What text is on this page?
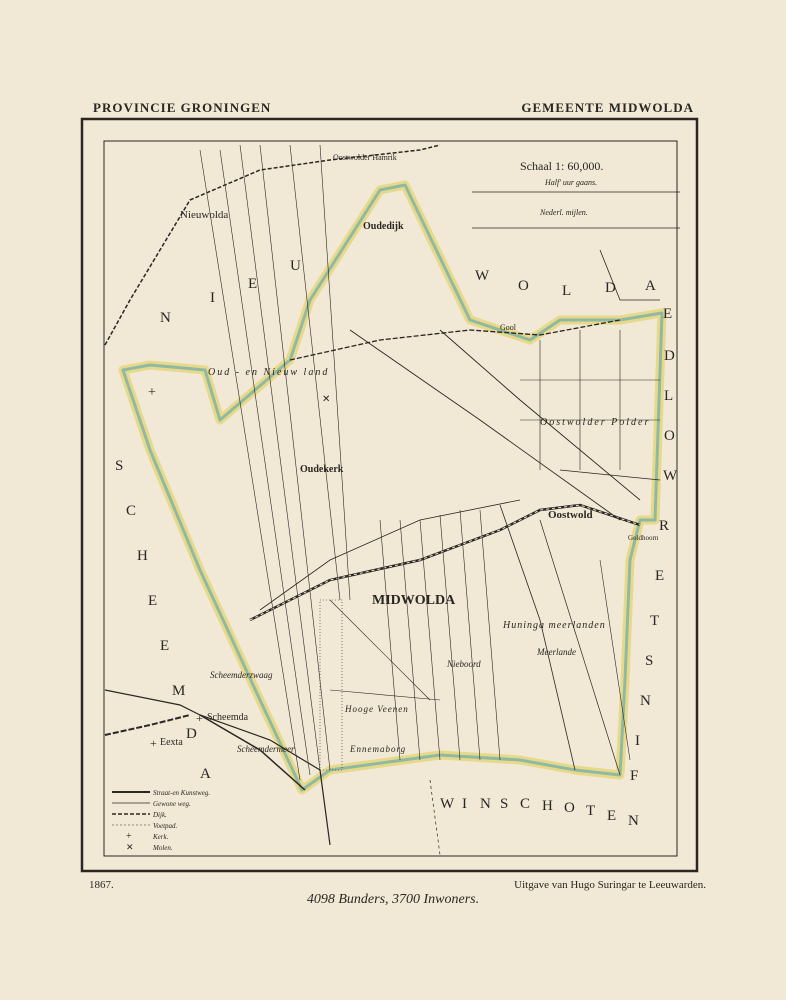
PROVINCIE GRONINGEN	GEMEENTE MIDWOLDA
Schaal 1: 60,000.
Half' uur gaans.
Nederl. mijlen.
+
✕
Straat-en Kunstweg.
Gewone weg.
Dijk.
Voetpad.
Kerk.
Molen.
MIDWOLDA
Oostwold
Nieuwolda
Oudedijk
Oudekerk
Oostwolder Hamrik
Scheemda
Eexta
Scheemderzwaag
Scheemdermeer
Oud - en Nieuw land
Oostwolder Polder
Huninga meerlanden
Meerlande
Nieboord
Hooge Veenen
Ennemaborg
Goldhoorn
Gool
+
+
+
✕
N
I
E
U
S
C
H
E
E
M
D
A
W
O L D A
W I N S C H O T E N
E
D
L
O
W
R
E
T
S
N
I
F
1867.	Uitgave van Hugo Suringar te Leeuwarden.
4098 Bunders, 3700 Inwoners.
